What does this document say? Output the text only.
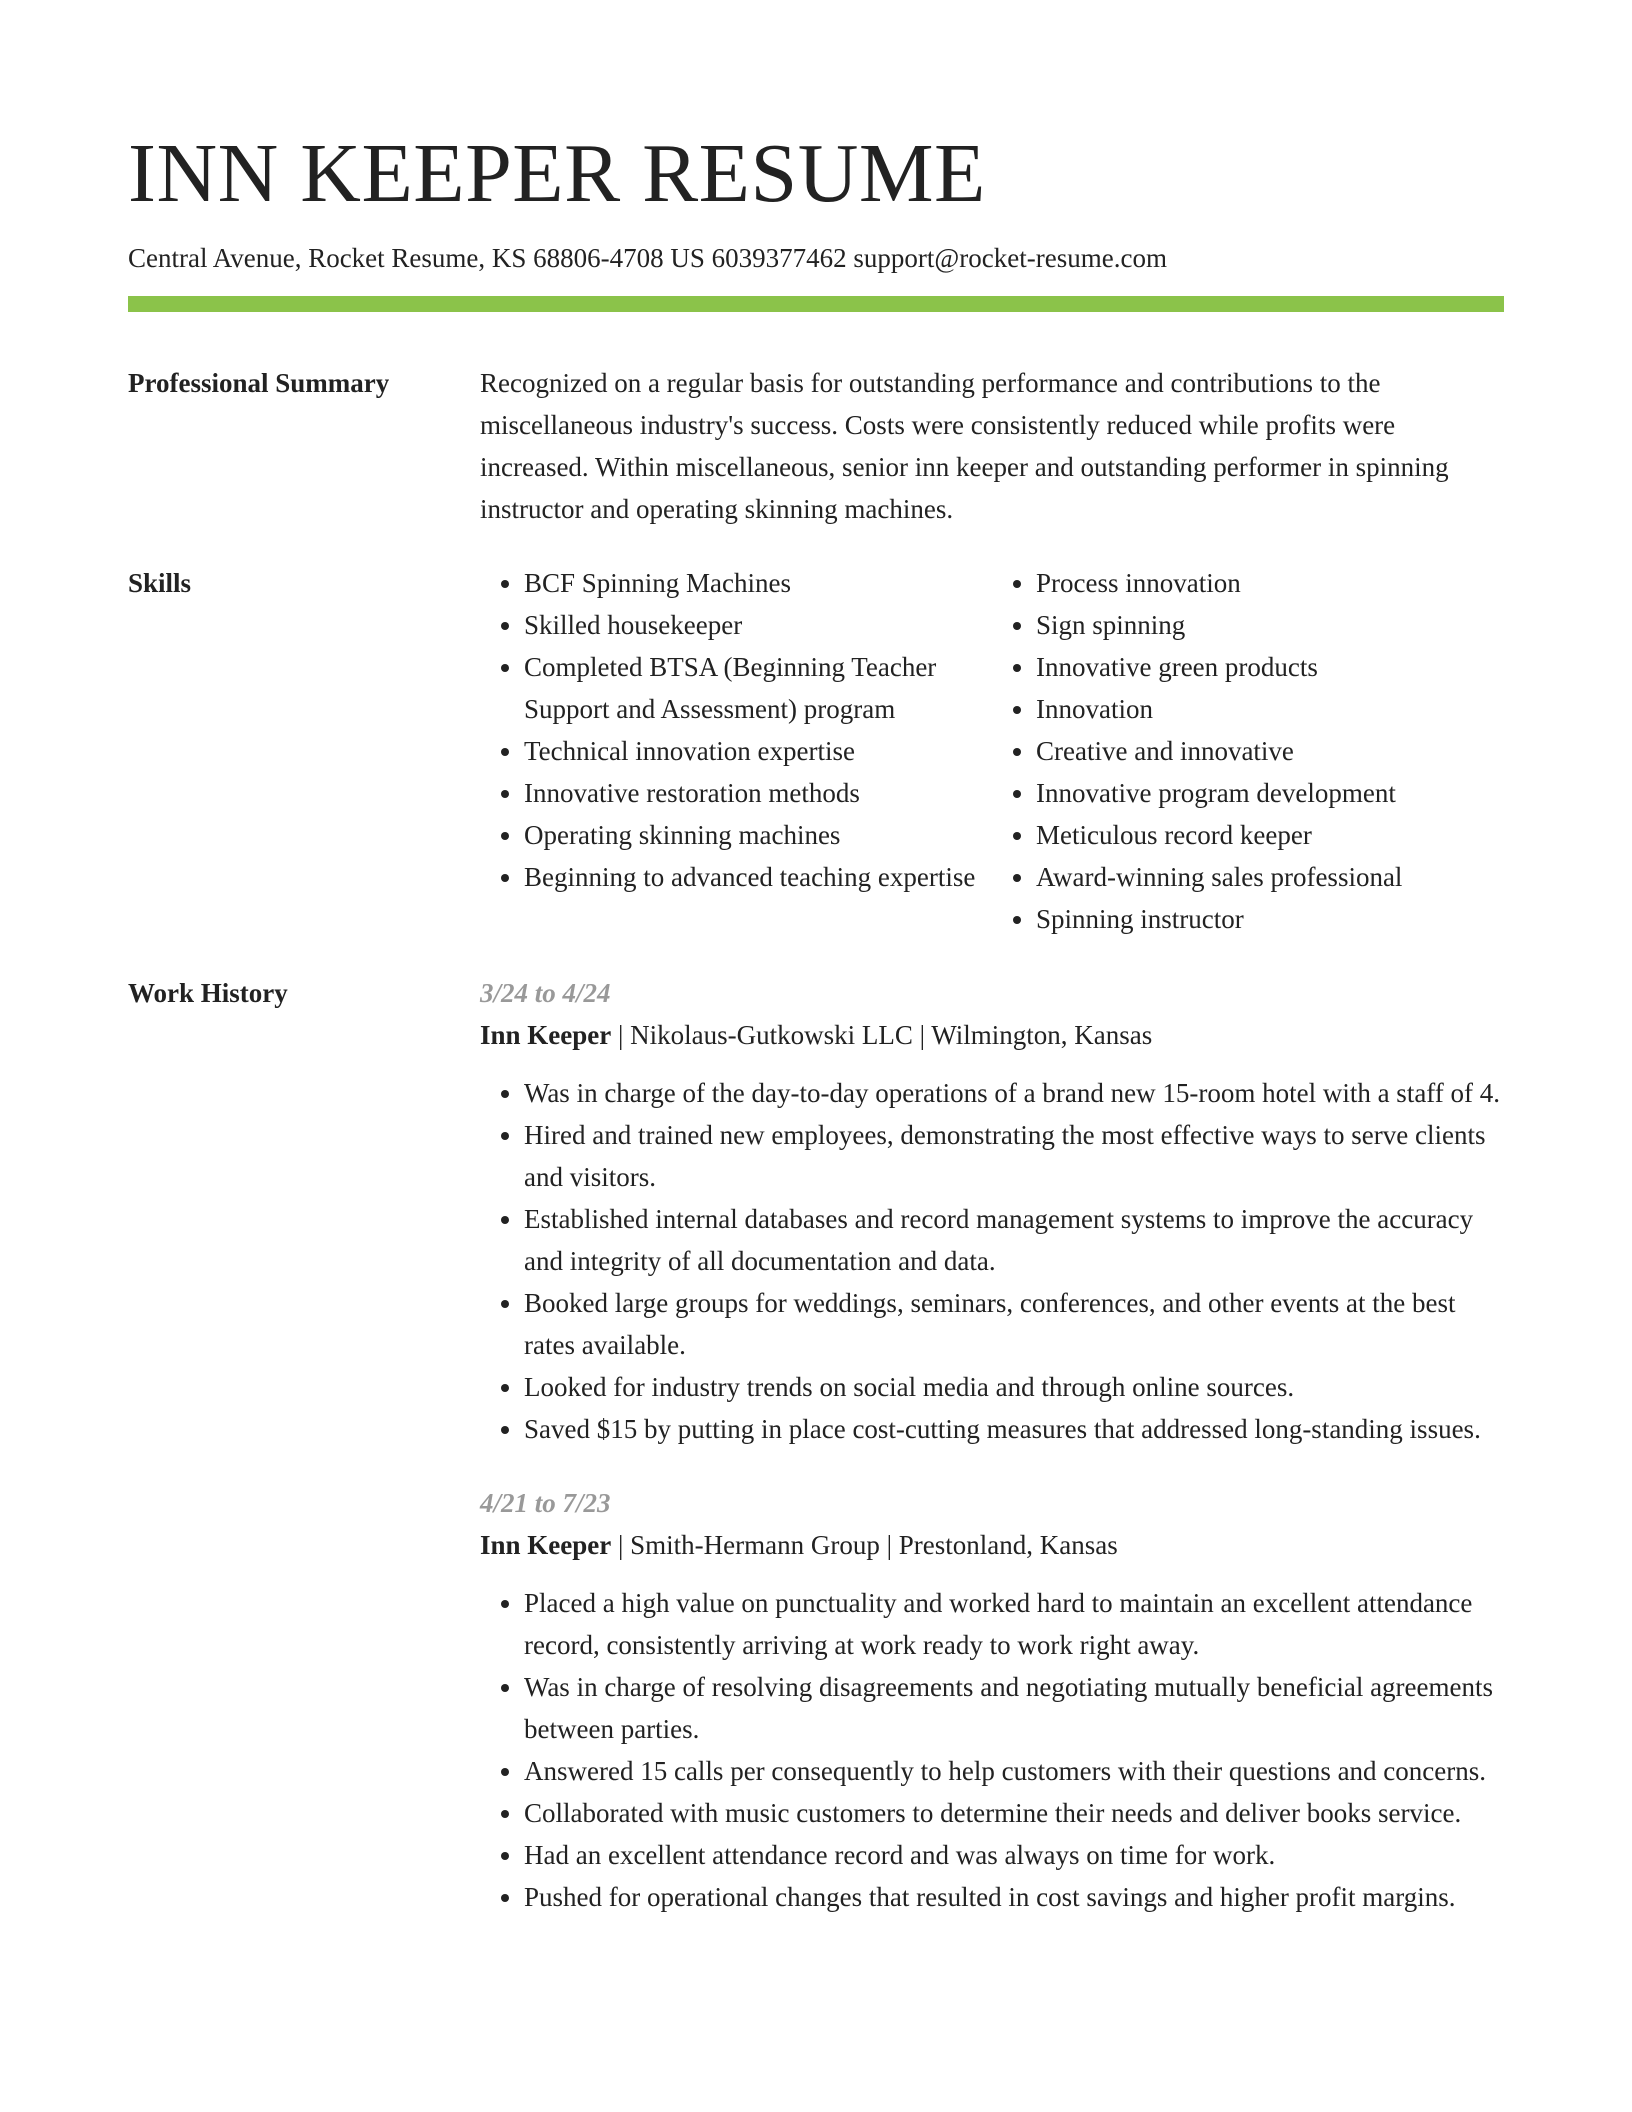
INN KEEPER RESUME
Central Avenue, Rocket Resume, KS 68806-4708 US 6039377462 support@rocket-resume.com
Professional Summary	Recognized on a regular basis for outstanding performance and contributions to the miscellaneous industry's success. Costs were consistently reduced while profits were increased. Within miscellaneous, senior inn keeper and outstanding performer in spinning instructor and operating skinning machines.

Skills
•	BCF Spinning Machines
• Skilled housekeeper
• Completed BTSA (Beginning Teacher Support and Assessment) program
• Technical innovation expertise
• Innovative restoration methods
• Operating skinning machines
• Beginning to advanced teaching expertise
• Process innovation
• Sign spinning
• Innovative green products
• Innovation
• Creative and innovative
• Innovative program development
• Meticulous record keeper
• Award-winning sales professional
• Spinning instructor
Work History	3/24 to 4/24
Inn Keeper | Nikolaus-Gutkowski LLC | Wilmington, Kansas
• Was in charge of the day-to-day operations of a brand new 15-room hotel with a staff of 4.
• Hired and trained new employees, demonstrating the most effective ways to serve clients and visitors.
• Established internal databases and record management systems to improve the accuracy and integrity of all documentation and data.
• Booked large groups for weddings, seminars, conferences, and other events at the best rates available.
• Looked for industry trends on social media and through online sources.
• Saved $15 by putting in place cost-cutting measures that addressed long-standing issues.
4/21 to 7/23
Inn Keeper | Smith-Hermann Group | Prestonland, Kansas
• Placed a high value on punctuality and worked hard to maintain an excellent attendance record, consistently arriving at work ready to work right away.
• Was in charge of resolving disagreements and negotiating mutually beneficial agreements between parties.
• Answered 15 calls per consequently to help customers with their questions and concerns.
• Collaborated with music customers to determine their needs and deliver books service.
• Had an excellent attendance record and was always on time for work.
• Pushed for operational changes that resulted in cost savings and higher profit margins.
